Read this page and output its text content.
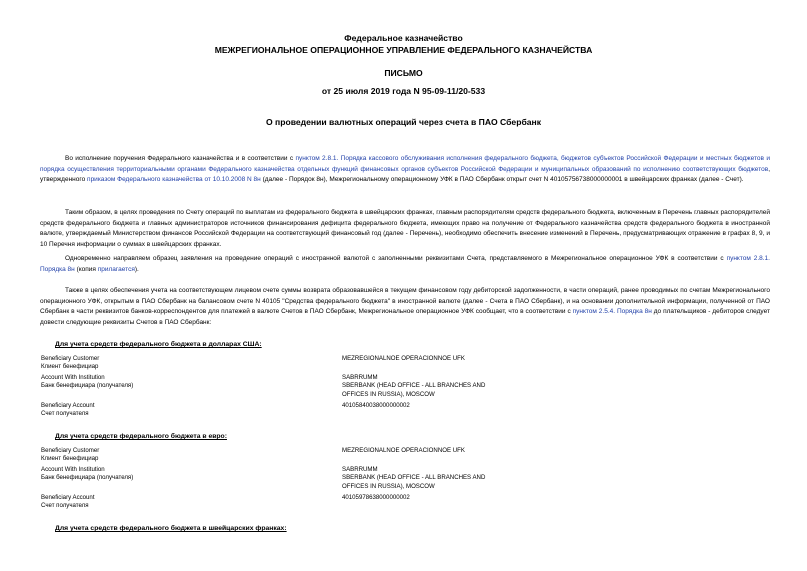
Федеральное казначейство
МЕЖРЕГИОНАЛЬНОЕ ОПЕРАЦИОННОЕ УПРАВЛЕНИЕ ФЕДЕРАЛЬНОГО КАЗНАЧЕЙСТВА
ПИСЬМО
от 25 июля 2019 года N 95-09-11/20-533
О проведении валютных операций через счета в ПАО Сбербанк
Во исполнение поручения Федерального казначейства и в соответствии с пунктом 2.8.1. Порядка кассового обслуживания исполнения федерального бюджета, бюджетов субъектов Российской Федерации и местных бюджетов и порядка осуществления территориальными органами Федерального казначейства отдельных функций финансовых органов субъектов Российской Федерации и муниципальных образований по исполнению соответствующих бюджетов, утвержденного приказом Федерального казначейства от 10.10.2008 N 8н (далее - Порядок 8н), Межрегиональному операционному УФК в ПАО Сбербанк открыт счет N 40105756738000000001 в швейцарских франках (далее - Счет).
Таким образом, в целях проведения по Счету операций по выплатам из федерального бюджета в швейцарских франках, главным распорядителям средств федерального бюджета, включенным в Перечень главных распорядителей средств федерального бюджета и главных администраторов источников финансирования дефицита федерального бюджета, имеющих право на получение от Федерального казначейства средств федерального бюджета в иностранной валюте, утверждаемый Министерством финансов Российской Федерации на соответствующий финансовый год (далее - Перечень), необходимо обеспечить внесение изменений в Перечень, предусматривающих отражение в графах 8, 9, и 10 Перечня информации о суммах в швейцарских франках.
Одновременно направляем образец заявления на проведение операций с иностранной валютой с заполненными реквизитами Счета, представляемого в Межрегиональное операционное УФК в соответствии с пунктом 2.8.1. Порядка 8н (копия прилагается).
Также в целях обеспечения учета на соответствующем лицевом счете суммы возврата образовавшейся в текущем финансовом году дебиторской задолженности, в части операций, ранее проводимых по счетам Межрегионального операционного УФК, открытым в ПАО Сбербанк на балансовом счете N 40105 "Средства федерального бюджета" в иностранной валюте (далее - Счета в ПАО Сбербанк), и на основании дополнительной информации, полученной от ПАО Сбербанк в части реквизитов банков-корреспондентов для платежей в валюте Счетов в ПАО Сбербанк, Межрегиональное операционное УФК сообщает, что в соответствии с пунктом 2.5.4. Порядка 8н до плательщиков - дебиторов следует довести следующие реквизиты Счетов в ПАО Сбербанк:
Для учета средств федерального бюджета в долларах США:
Beneficiary Customer
Клиент бенефициар
MEZREGIONALNOE OPERACIONNOE UFK
Account With Institution
Банк бенефициара (получателя)
SABRRUMM
SBERBANK (HEAD OFFICE - ALL BRANCHES AND OFFICES IN RUSSIA), MOSCOW
Beneficiary Account
Счет получателя
40105840038000000002
Для учета средств федерального бюджета в евро:
Beneficiary Customer
Клиент бенефициар
MEZREGIONALNOE OPERACIONNOE UFK
Account With Institution
Банк бенефициара (получателя)
SABRRUMM
SBERBANK (HEAD OFFICE - ALL BRANCHES AND OFFICES IN RUSSIA), MOSCOW
Beneficiary Account
Счет получателя
40105978638000000002
Для учета средств федерального бюджета в швейцарских франках:
